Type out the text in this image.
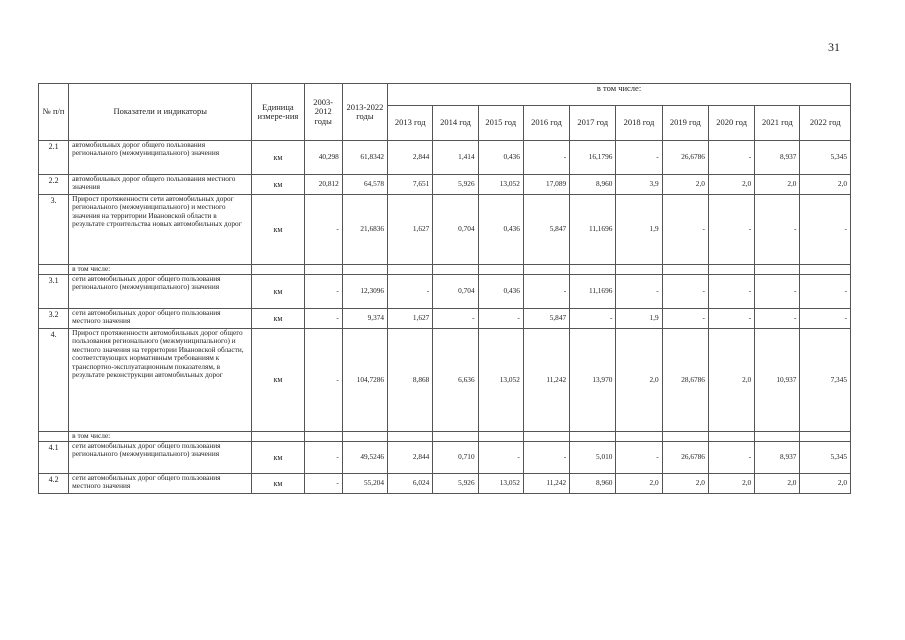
31
№ п/п	Показатели и индикаторы	Единица измере-ния	2003-2012 годы	2013-2022 годы	в том числе:									
					2013 год	2014 год	2015 год	2016 год	2017 год	2018 год	2019 год	2020 год	2021 год	2022 год
2.1	автомобильных дорог общего пользования регионального (межмуниципального) значения	км	40,298	61,8342	2,844	1,414	0,436	-	16,1796	-	26,6786	-	8,937	5,345
2.2	автомобильных дорог общего пользования местного значения	км	20,812	64,578	7,651	5,926	13,052	17,089	8,960	3,9	2,0	2,0	2,0	2,0
3.	Прирост протяженности сети автомобильных дорог регионального (межмуниципального) и местного значения на территории Ивановской области в результате строительства новых автомобильных дорог	км	-	21,6836	1,627	0,704	0,436	5,847	11,1696	1,9	-	-	-	-
	в том числе:													
3.1	сети автомобильных дорог общего пользования регионального (межмуниципального) значения	км	-	12,3096	-	0,704	0,436	-	11,1696	-	-	-	-	-
3.2	сети автомобильных дорог общего пользования местного значения	км	-	9,374	1,627	-	-	5,847	-	1,9	-	-	-	-
4.	Прирост протяженности автомобильных дорог общего пользования регионального (межмуниципального) и местного значения на территории Ивановской области, соответствующих нормативным требованиям к транспортно-эксплуатационным показателям, в результате реконструкции автомобильных дорог	км	-	104,7286	8,868	6,636	13,052	11,242	13,970	2,0	28,6786	2,0	10,937	7,345
	в том числе:													
4.1	сети автомобильных дорог общего пользования регионального (межмуниципального) значения	км	-	49,5246	2,844	0,710	-	-	5,010	-	26,6786	-	8,937	5,345
4.2	сети автомобильных дорог общего пользования местного значения	км	-	55,204	6,024	5,926	13,052	11,242	8,960	2,0	2,0	2,0	2,0	2,0
